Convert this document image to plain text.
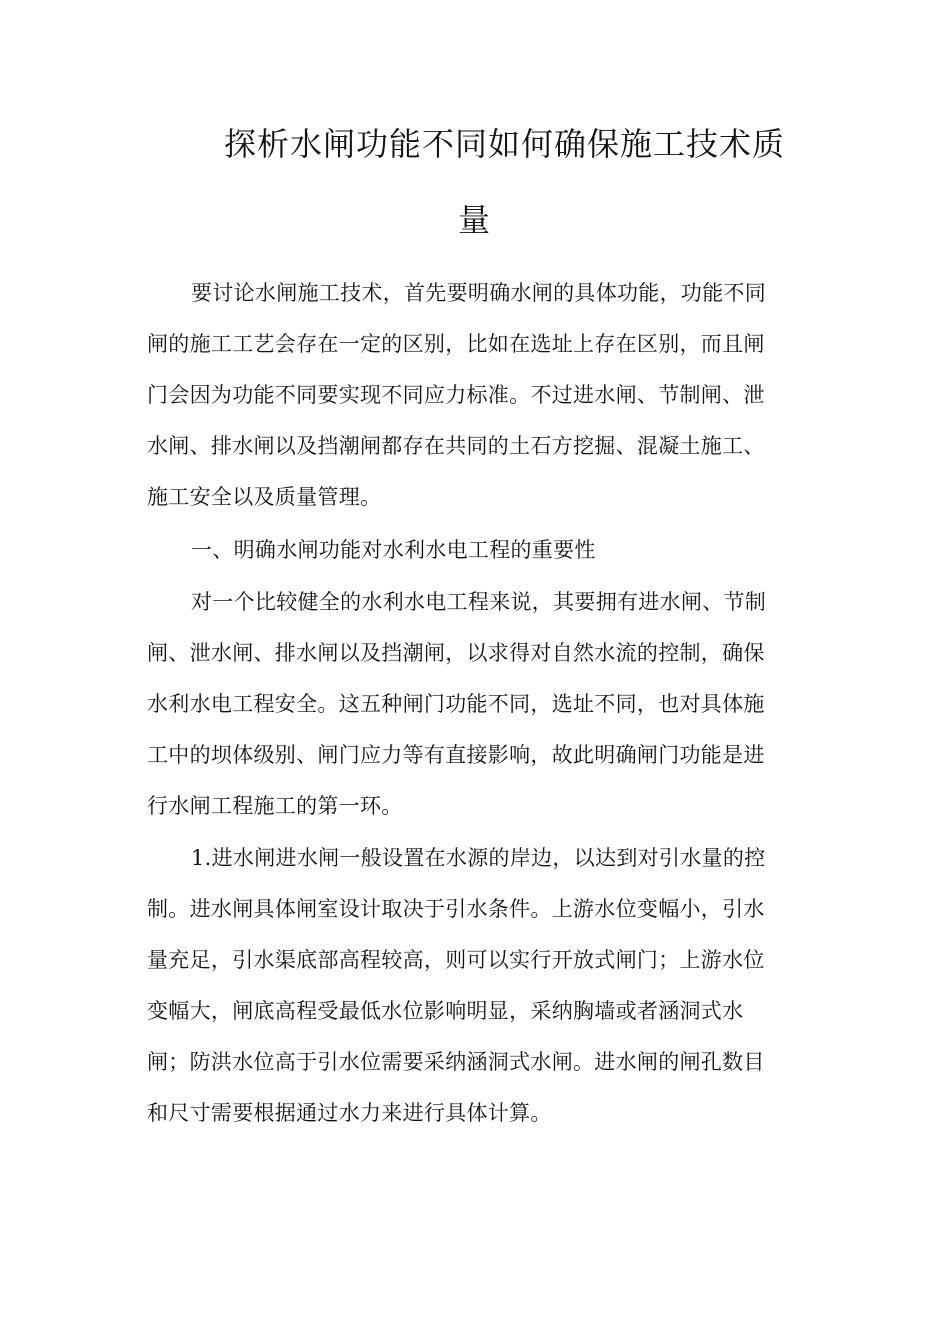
探析水闸功能不同如何确保施工技术质
量
要讨论水闸施工技术，首先要明确水闸的具体功能，功能不同
闸的施工工艺会存在一定的区别，比如在选址上存在区别，而且闸
门会因为功能不同要实现不同应力标准。不过进水闸、节制闸、泄
水闸、排水闸以及挡潮闸都存在共同的土石方挖掘、混凝土施工、
施工安全以及质量管理。
一、明确水闸功能对水利水电工程的重要性
对一个比较健全的水利水电工程来说，其要拥有进水闸、节制
闸、泄水闸、排水闸以及挡潮闸，以求得对自然水流的控制，确保
水利水电工程安全。这五种闸门功能不同，选址不同，也对具体施
工中的坝体级别、闸门应力等有直接影响，故此明确闸门功能是进
行水闸工程施工的第一环。
1.进水闸进水闸一般设置在水源的岸边，以达到对引水量的控
制。进水闸具体闸室设计取决于引水条件。上游水位变幅小，引水
量充足，引水渠底部高程较高，则可以实行开放式闸门；上游水位
变幅大，闸底高程受最低水位影响明显，采纳胸墙或者涵洞式水
闸；防洪水位高于引水位需要采纳涵洞式水闸。进水闸的闸孔数目
和尺寸需要根据通过水力来进行具体计算。
